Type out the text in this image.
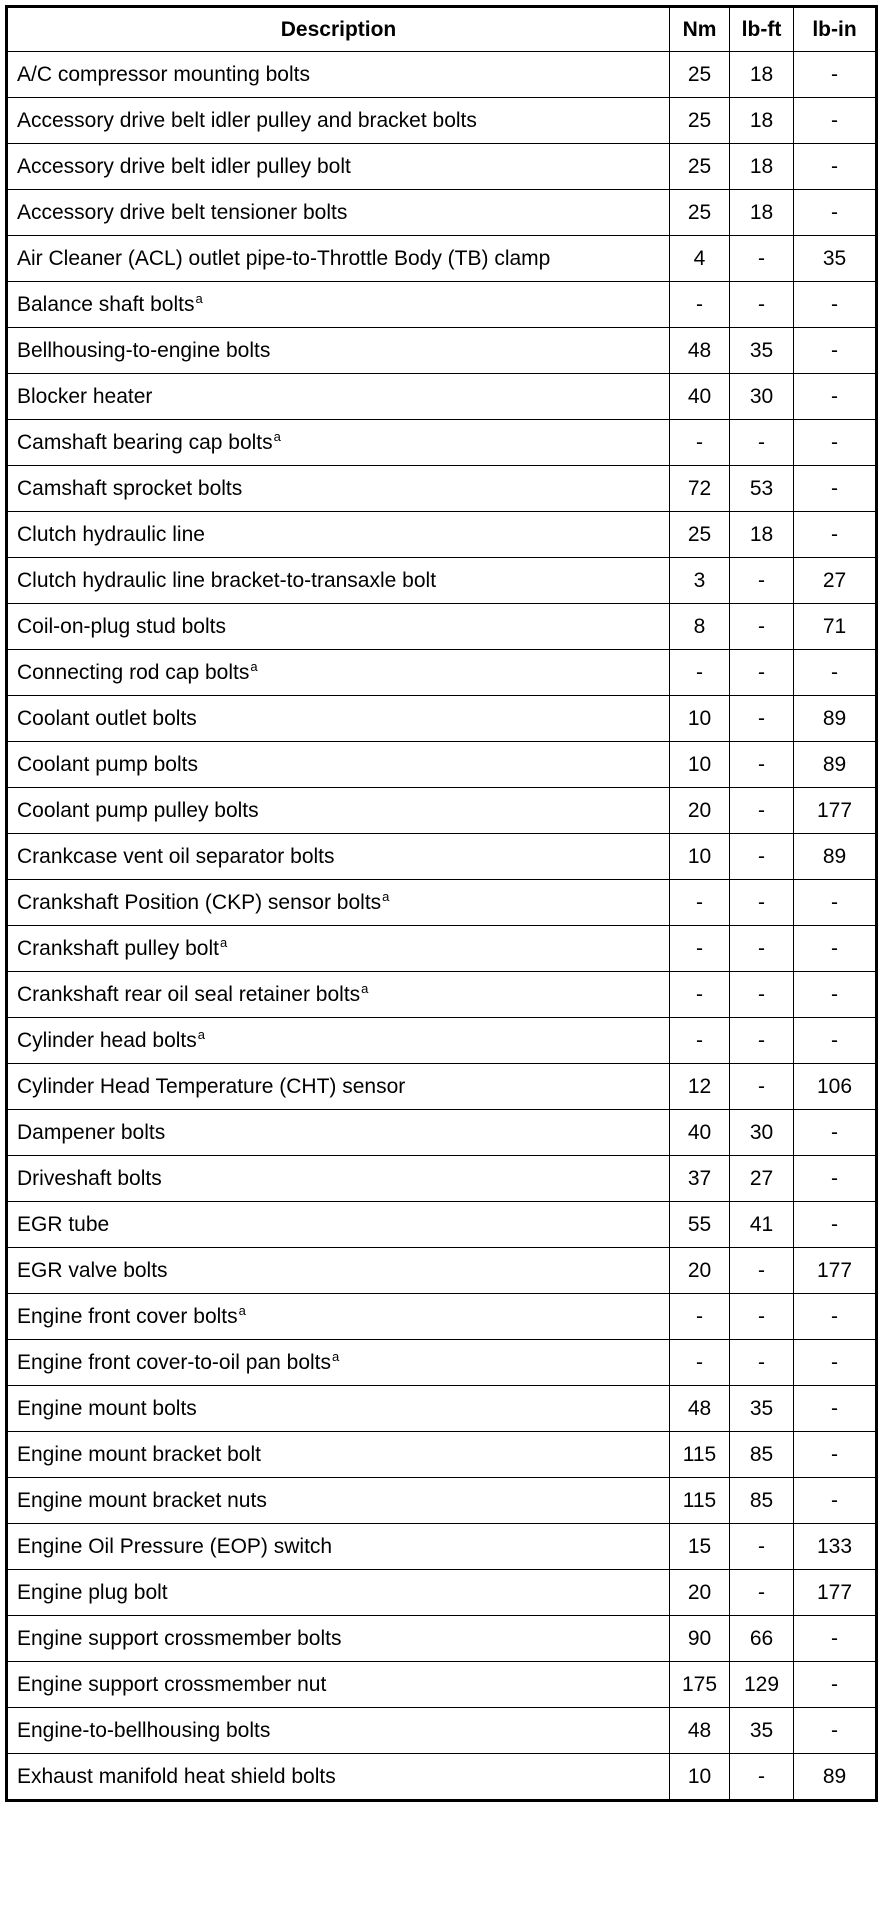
Description	Nm	lb-ft	lb-in
A/C compressor mounting bolts	25	18	-
Accessory drive belt idler pulley and bracket bolts	25	18	-
Accessory drive belt idler pulley bolt	25	18	-
Accessory drive belt tensioner bolts	25	18	-
Air Cleaner (ACL) outlet pipe-to-Throttle Body (TB) clamp	4	-	35
Balance shaft bolts$^a$	-	-	-
Bellhousing-to-engine bolts	48	35	-
Blocker heater	40	30	-
Camshaft bearing cap bolts$^a$	-	-	-
Camshaft sprocket bolts	72	53	-
Clutch hydraulic line	25	18	-
Clutch hydraulic line bracket-to-transaxle bolt	3	-	27
Coil-on-plug stud bolts	8	-	71
Connecting rod cap bolts$^a$	-	-	-
Coolant outlet bolts	10	-	89
Coolant pump bolts	10	-	89
Coolant pump pulley bolts	20	-	177
Crankcase vent oil separator bolts	10	-	89
Crankshaft Position (CKP) sensor bolts$^a$	-	-	-
Crankshaft pulley bolt$^a$	-	-	-
Crankshaft rear oil seal retainer bolts$^a$	-	-	-
Cylinder head bolts$^a$	-	-	-
Cylinder Head Temperature (CHT) sensor	12	-	106
Dampener bolts	40	30	-
Driveshaft bolts	37	27	-
EGR tube	55	41	-
EGR valve bolts	20	-	177
Engine front cover bolts$^a$	-	-	-
Engine front cover-to-oil pan bolts$^a$	-	-	-
Engine mount bolts	48	35	-
Engine mount bracket bolt	115	85	-
Engine mount bracket nuts	115	85	-
Engine Oil Pressure (EOP) switch	15	-	133
Engine plug bolt	20	-	177
Engine support crossmember bolts	90	66	-
Engine support crossmember nut	175	129	-
Engine-to-bellhousing bolts	48	35	-
Exhaust manifold heat shield bolts	10	-	89
